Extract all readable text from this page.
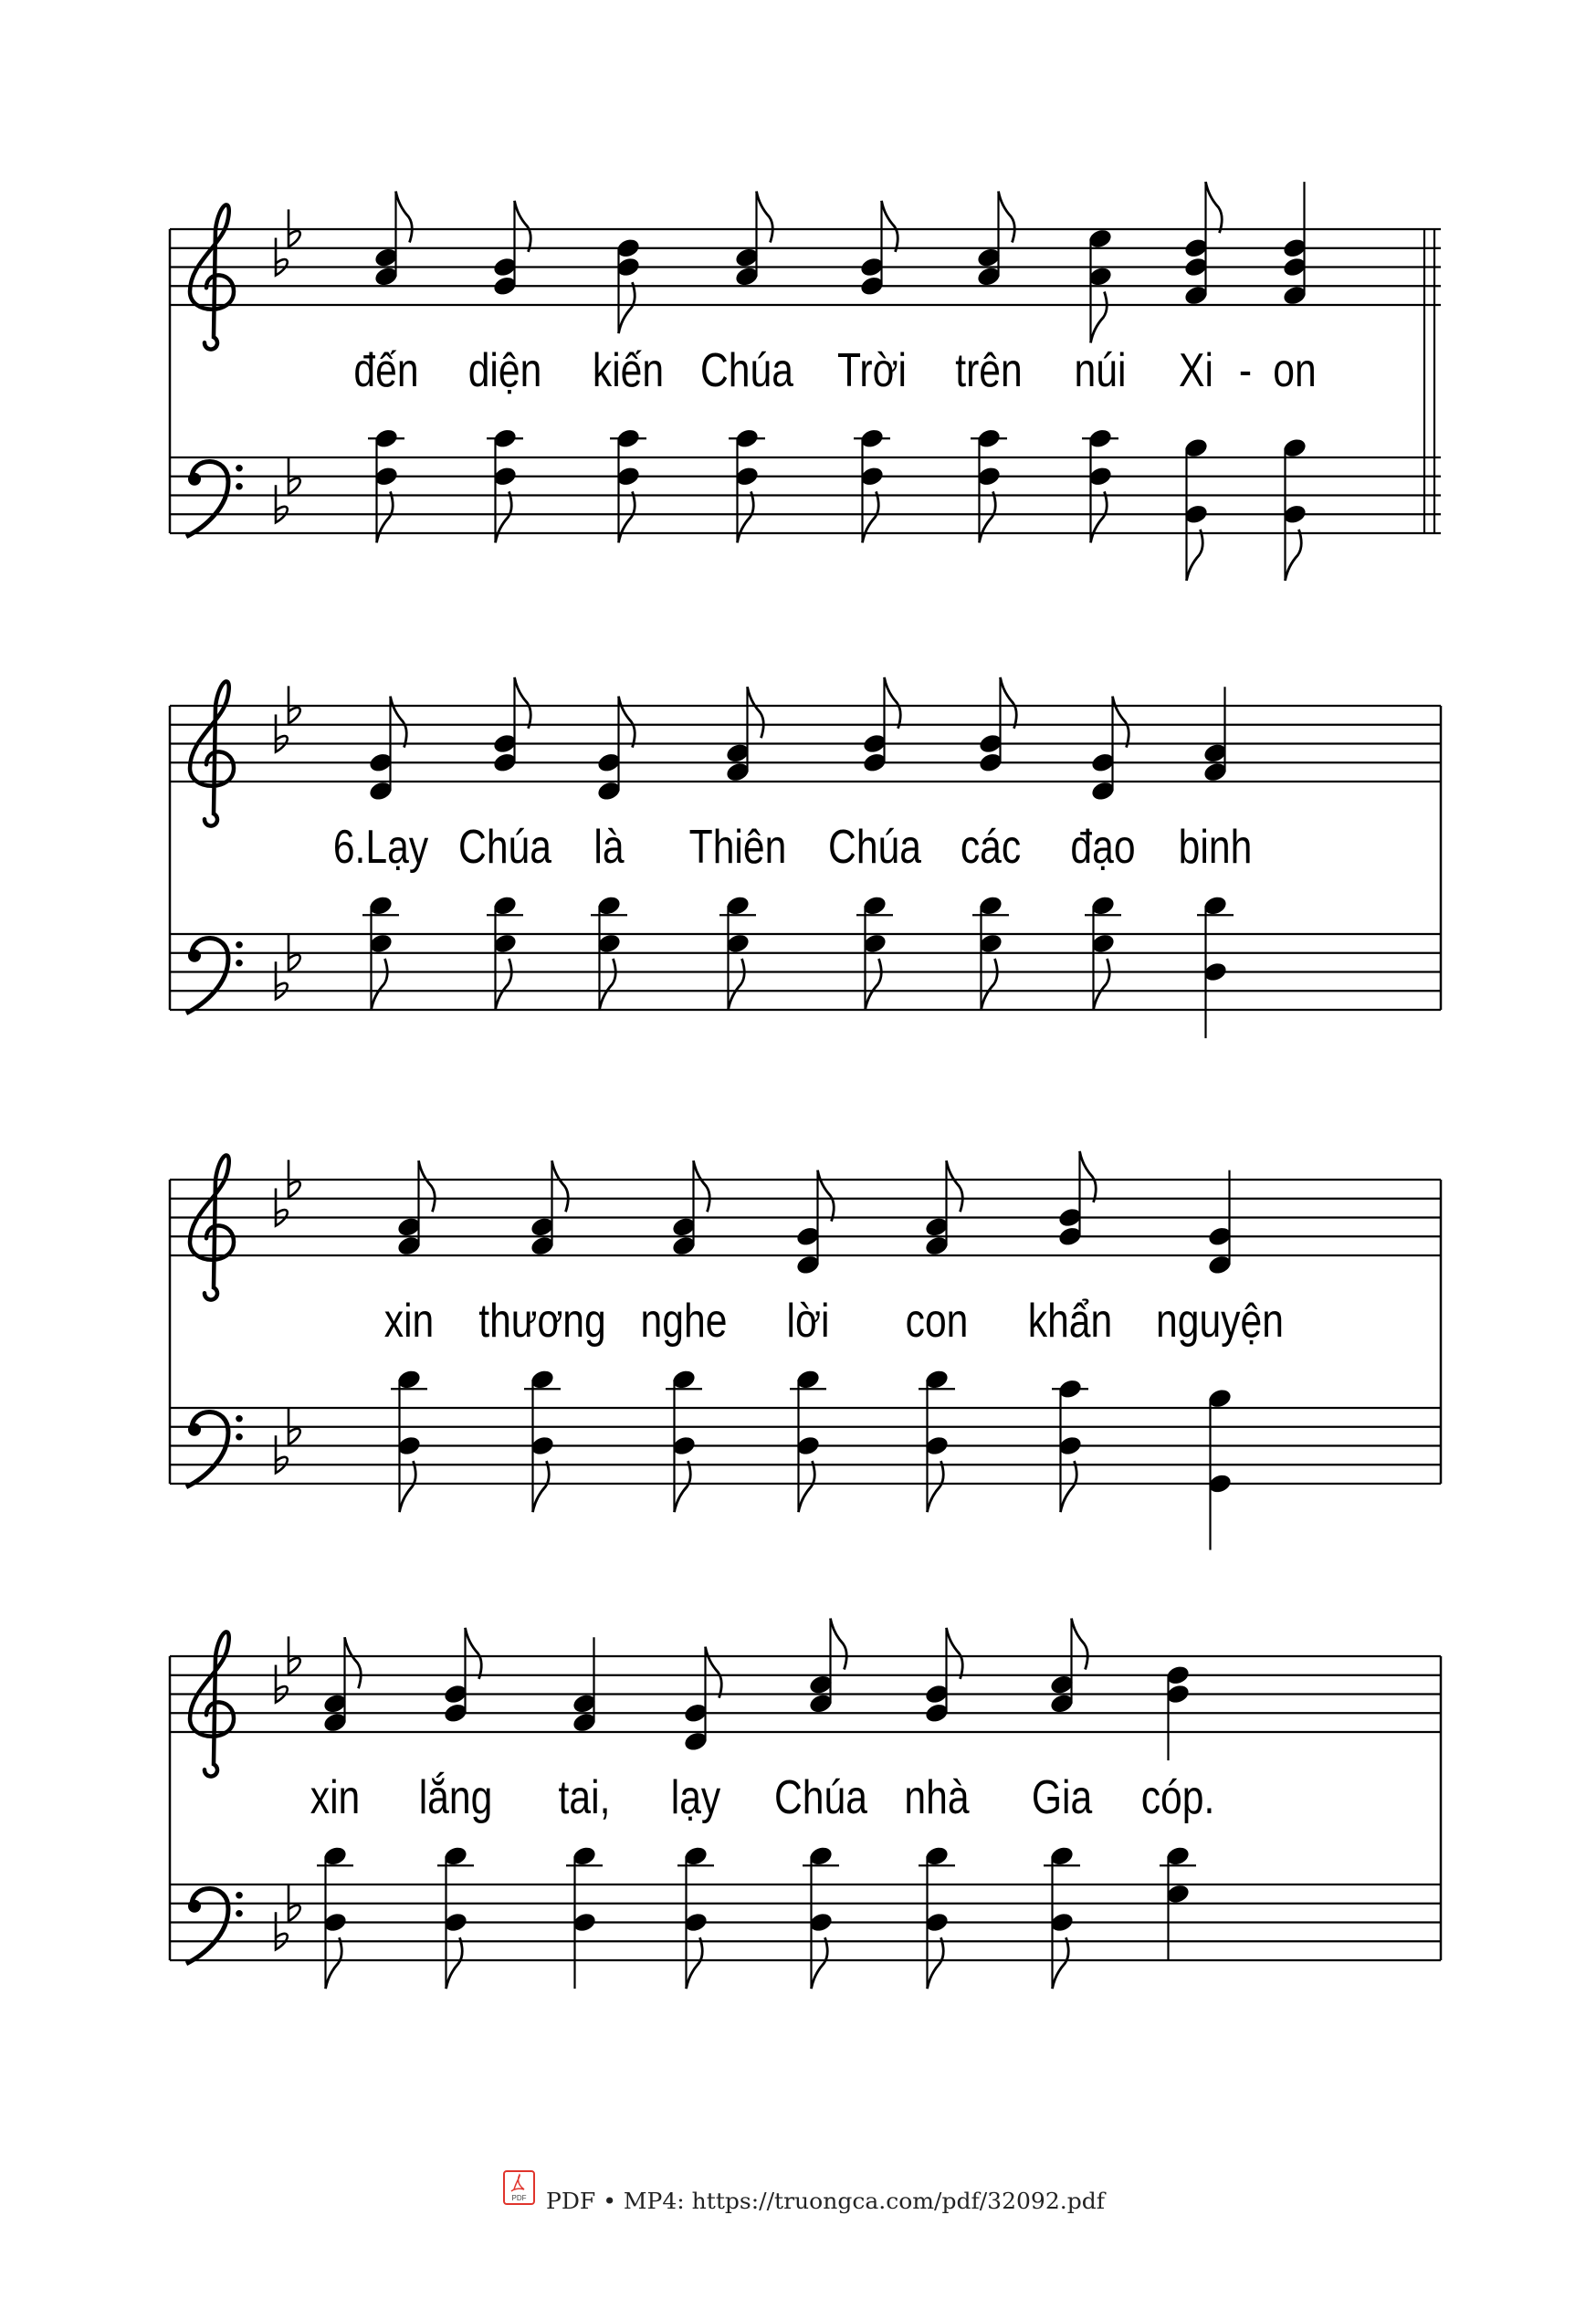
đến diện kiến Chúa Trời trên núi Xi on
-
6.Lạy Chúa là Thiên Chúa các đạo binh
xin thương nghe lời con khẩn nguyện
xin lắng tai, lạy Chúa nhà Gia cóp.
PDF PDF • MP4: https://truongca.com/pdf/32092.pdf
